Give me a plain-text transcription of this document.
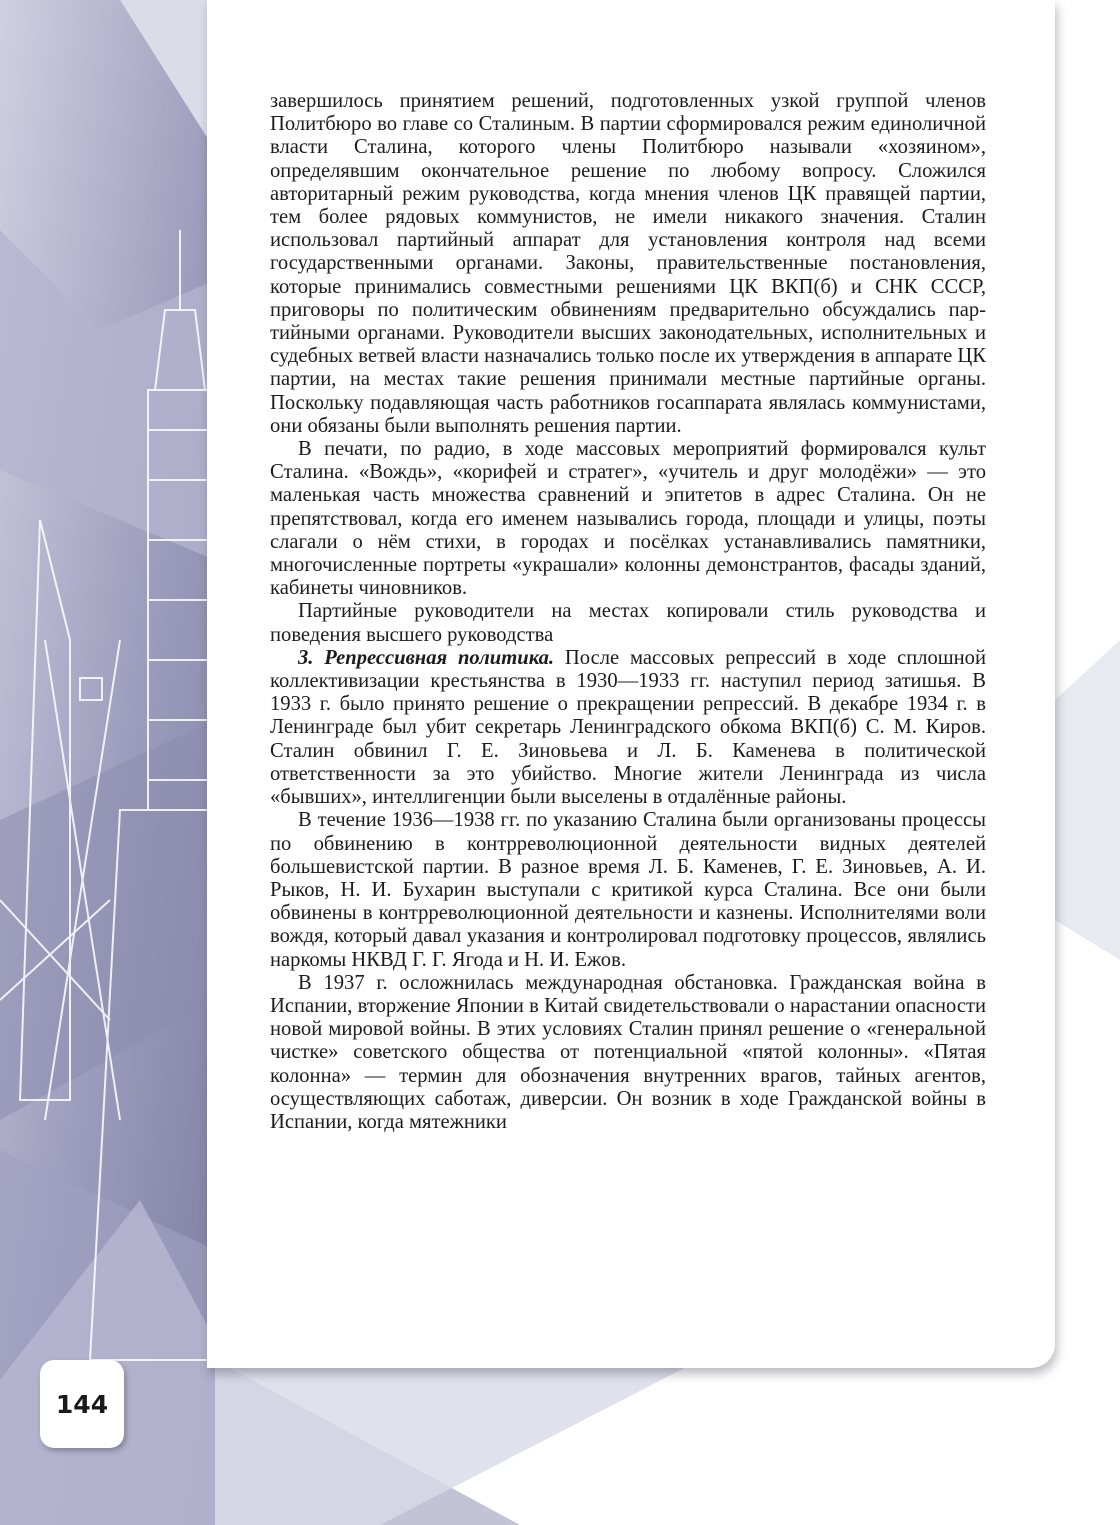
завершилось принятием решений, подготовленных узкой группой членов Политбюро во главе со Сталиным. В партии сформировался режим единоличной власти Сталина, которого члены Политбюро называли «хозяином», определявшим окончательное решение по любому вопросу. Сложился авторитарный режим руководства, когда мнения членов ЦК правящей партии, тем более рядовых коммунистов, не имели никакого значения. Сталин использовал партийный аппарат для установления контроля над всеми государственными органами. Законы, правительственные постановления, которые принимались совместными решениями ЦК ВКП(б) и СНК СССР, приговоры по политическим обвинениям предварительно обсуждались партийными органами. Руководители высших законодательных, исполнительных и судебных ветвей власти назначались только после их утверждения в аппарате ЦК партии, на местах такие решения принимали местные партийные органы. Поскольку подавляющая часть работников госаппарата являлась коммунистами, они обязаны были выполнять решения партии.

В печати, по радио, в ходе массовых мероприятий формировался культ Сталина. «Вождь», «корифей и стратег», «учитель и друг молодёжи» — это маленькая часть множества сравнений и эпитетов в адрес Сталина. Он не препятствовал, когда его именем назывались города, площади и улицы, поэты слагали о нём стихи, в городах и посёлках устанавливались памятники, многочисленные портреты «украшали» колонны демонстрантов, фасады зданий, кабинеты чиновников.

Партийные руководители на местах копировали стиль руководства и поведения высшего руководства

3. Репрессивная политика. После массовых репрессий в ходе сплошной коллективизации крестьянства в 1930—1933 гг. наступил период затишья. В 1933 г. было принято решение о прекращении репрессий. В декабре 1934 г. в Ленинграде был убит секретарь Ленинградского обкома ВКП(б) С. М. Киров. Сталин обвинил Г. Е. Зиновьева и Л. Б. Каменева в политической ответственности за это убийство. Многие жители Ленинграда из числа «бывших», интеллигенции были выселены в отдалённые районы.

В течение 1936—1938 гг. по указанию Сталина были организованы процессы по обвинению в контрреволюционной деятельности видных деятелей большевистской партии. В разное время Л. Б. Каменев, Г. Е. Зиновьев, А. И. Рыков, Н. И. Бухарин выступали с критикой курса Сталина. Все они были обвинены в контрреволюционной деятельности и казнены. Исполнителями воли вождя, который давал указания и контролировал подготовку процессов, являлись наркомы НКВД Г. Г. Ягода и Н. И. Ежов.

В 1937 г. осложнилась международная обстановка. Гражданская война в Испании, вторжение Японии в Китай свидетельствовали о нарастании опасности новой мировой войны. В этих условиях Сталин принял решение о «генеральной чистке» советского общества от потенциальной «пятой колонны». «Пятая колонна» — термин для обозначения внутренних врагов, тайных агентов, осуществляющих саботаж, диверсии. Он возник в ходе Гражданской войны в Испании, когда мятежники

144
